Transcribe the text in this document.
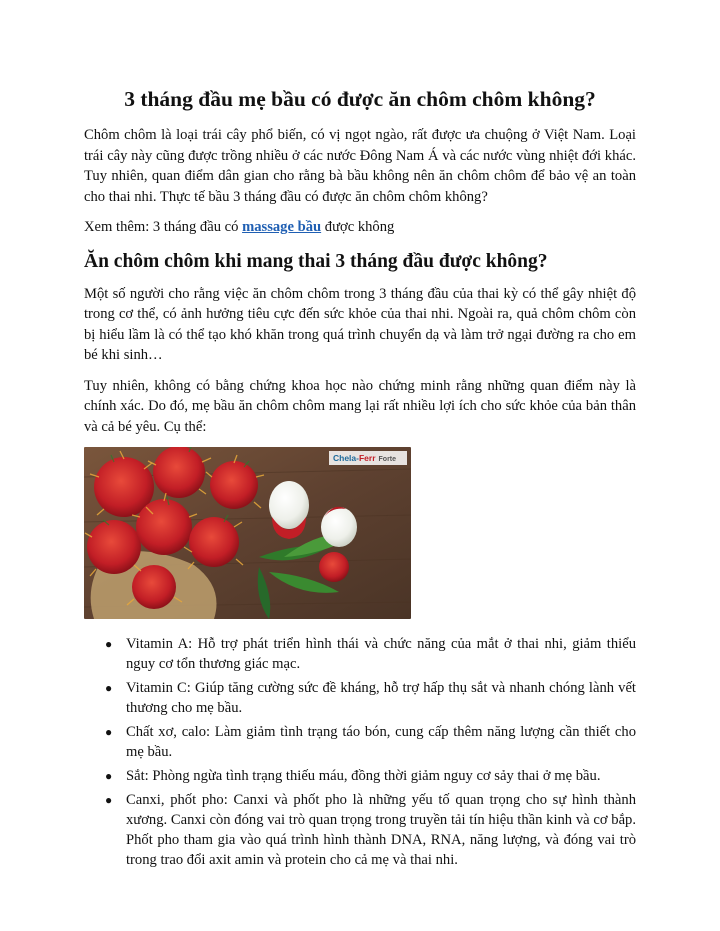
3 tháng đầu mẹ bầu có được ăn chôm chôm không?

Chôm chôm là loại trái cây phổ biến, có vị ngọt ngào, rất được ưa chuộng ở Việt Nam. Loại trái cây này cũng được trồng nhiều ở các nước Đông Nam Á và các nước vùng nhiệt đới khác. Tuy nhiên, quan điểm dân gian cho rằng bà bầu không nên ăn chôm chôm để bảo vệ an toàn cho thai nhi. Thực tế bầu 3 tháng đầu có được ăn chôm chôm không?

Xem thêm: 3 tháng đầu có massage bầu được không

Ăn chôm chôm khi mang thai 3 tháng đầu được không?

Một số người cho rằng việc ăn chôm chôm trong 3 tháng đầu của thai kỳ có thể gây nhiệt độ trong cơ thể, có ảnh hưởng tiêu cực đến sức khỏe của thai nhi. Ngoài ra, quả chôm chôm còn bị hiểu lầm là có thể tạo khó khăn trong quá trình chuyển dạ và làm trở ngại đường ra cho em bé khi sinh…

Tuy nhiên, không có bằng chứng khoa học nào chứng minh rằng những quan điểm này là chính xác. Do đó, mẹ bầu ăn chôm chôm mang lại rất nhiều lợi ích cho sức khỏe của bản thân và cả bé yêu. Cụ thể:

Chela-Ferr Forte
● Vitamin A: Hỗ trợ phát triển hình thái và chức năng của mắt ở thai nhi, giảm thiểu nguy cơ tổn thương giác mạc.
● Vitamin C: Giúp tăng cường sức đề kháng, hỗ trợ hấp thụ sắt và nhanh chóng lành vết thương cho mẹ bầu.
● Chất xơ, calo: Làm giảm tình trạng táo bón, cung cấp thêm năng lượng cần thiết cho mẹ bầu.
● Sắt: Phòng ngừa tình trạng thiếu máu, đồng thời giảm nguy cơ sảy thai ở mẹ bầu.
● Canxi, phốt pho: Canxi và phốt pho là những yếu tố quan trọng cho sự hình thành xương. Canxi còn đóng vai trò quan trọng trong truyền tải tín hiệu thần kinh và cơ bắp. Phốt pho tham gia vào quá trình hình thành DNA, RNA, năng lượng, và đóng vai trò trong trao đổi axit amin và protein cho cả mẹ và thai nhi.
